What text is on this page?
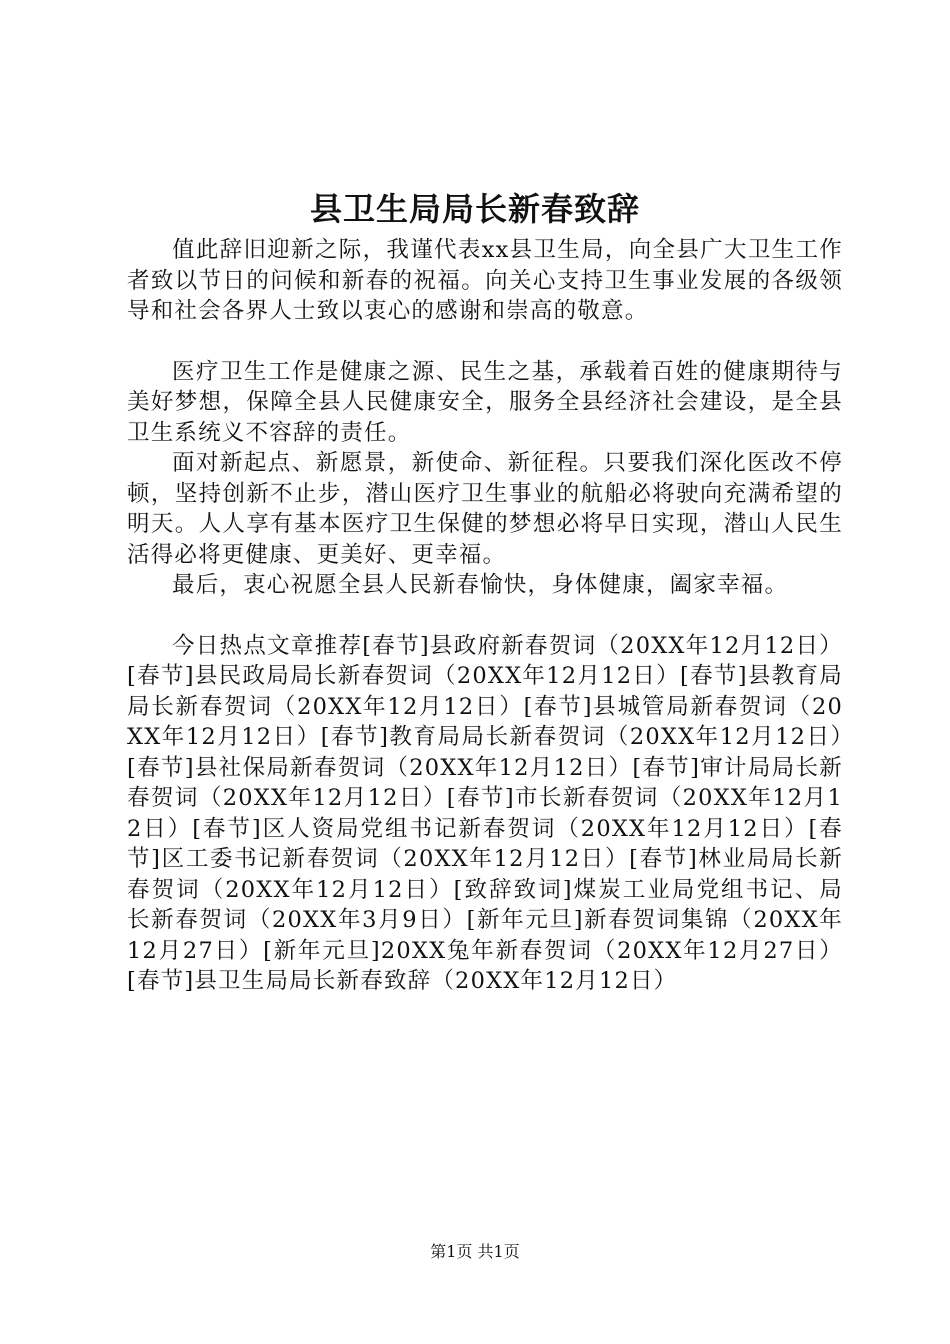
县卫生局局长新春致辞

值此辞旧迎新之际，我谨代表xx县卫生局，向全县广大卫生工作者致以节日的问候和新春的祝福。向关心支持卫生事业发展的各级领导和社会各界人士致以衷心的感谢和崇高的敬意。

医疗卫生工作是健康之源、民生之基，承载着百姓的健康期待与美好梦想，保障全县人民健康安全，服务全县经济社会建设，是全县卫生系统义不容辞的责任。

面对新起点、新愿景，新使命、新征程。只要我们深化医改不停顿，坚持创新不止步，潜山医疗卫生事业的航船必将驶向充满希望的明天。人人享有基本医疗卫生保健的梦想必将早日实现，潜山人民生活得必将更健康、更美好、更幸福。

最后，衷心祝愿全县人民新春愉快，身体健康，阖家幸福。

今日热点文章推荐[春节]县政府新春贺词（20XX年12月12日）[春节]县民政局局长新春贺词（20XX年12月12日）[春节]县教育局局长新春贺词（20XX年12月12日）[春节]县城管局新春贺词（20XX年12月12日）[春节]教育局局长新春贺词（20XX年12月12日）[春节]县社保局新春贺词（20XX年12月12日）[春节]审计局局长新春贺词（20XX年12月12日）[春节]市长新春贺词（20XX年12月12日）[春节]区人资局党组书记新春贺词（20XX年12月12日）[春节]区工委书记新春贺词（20XX年12月12日）[春节]林业局局长新春贺词（20XX年12月12日）[致辞致词]煤炭工业局党组书记、局长新春贺词（20XX年3月9日）[新年元旦]新春贺词集锦（20XX年12月27日）[新年元旦]20XX兔年新春贺词（20XX年12月27日）[春节]县卫生局局长新春致辞（20XX年12月12日）

第1页 共1页
